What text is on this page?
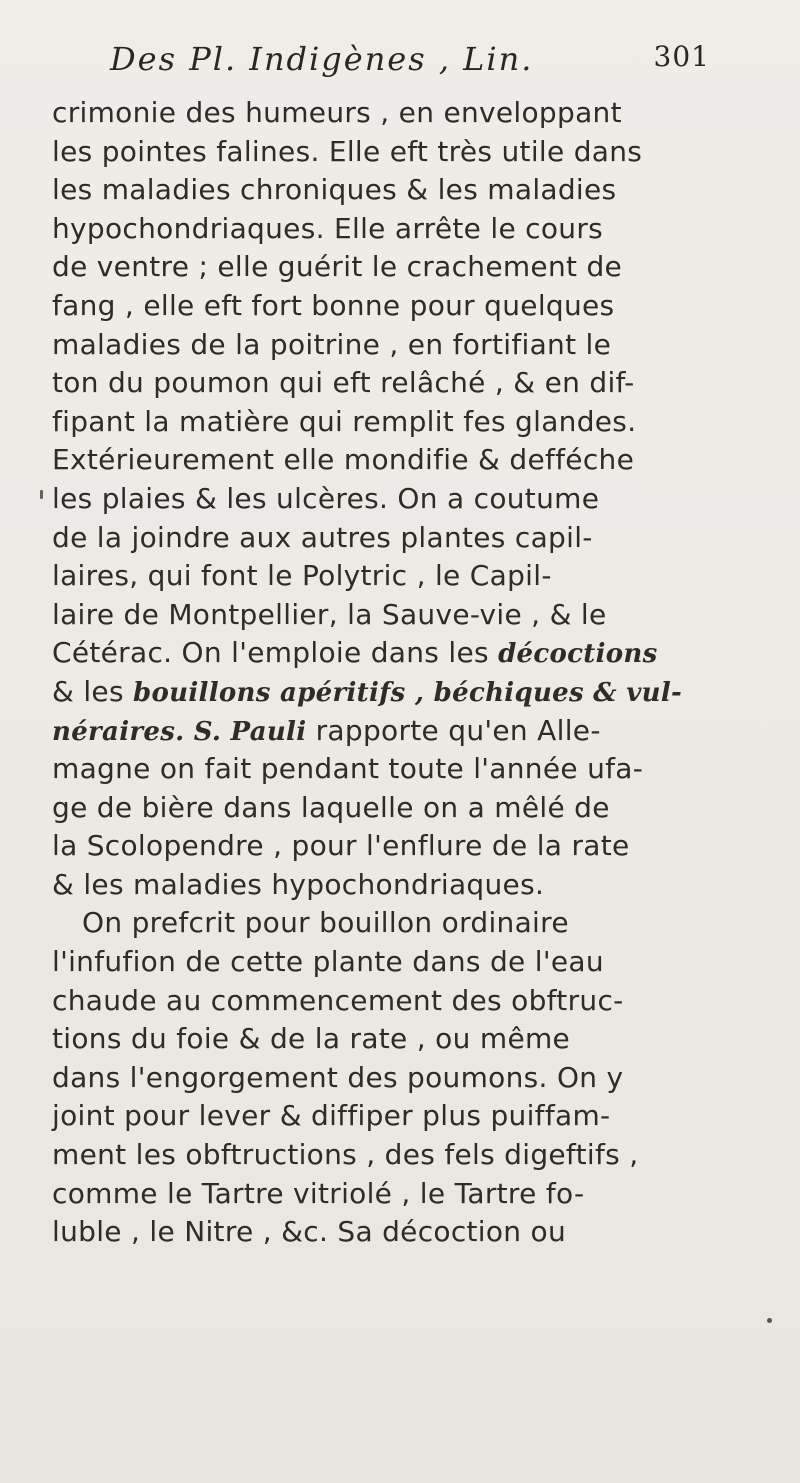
Des Pl. Indigènes , Lin.	301
crimonie des humeurs , en enveloppant
les pointes falines. Elle eft très utile dans
les maladies chroniques & les maladies
hypochondriaques. Elle arrête le cours
de ventre ; elle guérit le crachement de
fang , elle eft fort bonne pour quelques
maladies de la poitrine , en fortifiant le
ton du poumon qui eft relâché , & en dif-
fipant la matière qui remplit fes glandes.
Extérieurement elle mondifie & defféche
les plaies & les ulcères. On a coutume
de la joindre aux autres plantes capil-
laires, qui font le Polytric , le Capil-
laire de Montpellier, la Sauve-vie , & le
Cétérac. On l'emploie dans les décoctions
& les bouillons apéritifs , béchiques & vul-
néraires. S. Pauli rapporte qu'en Alle-
magne on fait pendant toute l'année ufa-
ge de bière dans laquelle on a mêlé de
la Scolopendre , pour l'enflure de la rate
& les maladies hypochondriaques.
On prefcrit pour bouillon ordinaire
l'infufion de cette plante dans de l'eau
chaude au commencement des obftruc-
tions du foie & de la rate , ou même
dans l'engorgement des poumons. On y
joint pour lever & diffiper plus puiffam-
ment les obftructions , des fels digeftifs ,
comme le Tartre vitriolé , le Tartre fo-
luble , le Nitre , &c. Sa décoction ou
